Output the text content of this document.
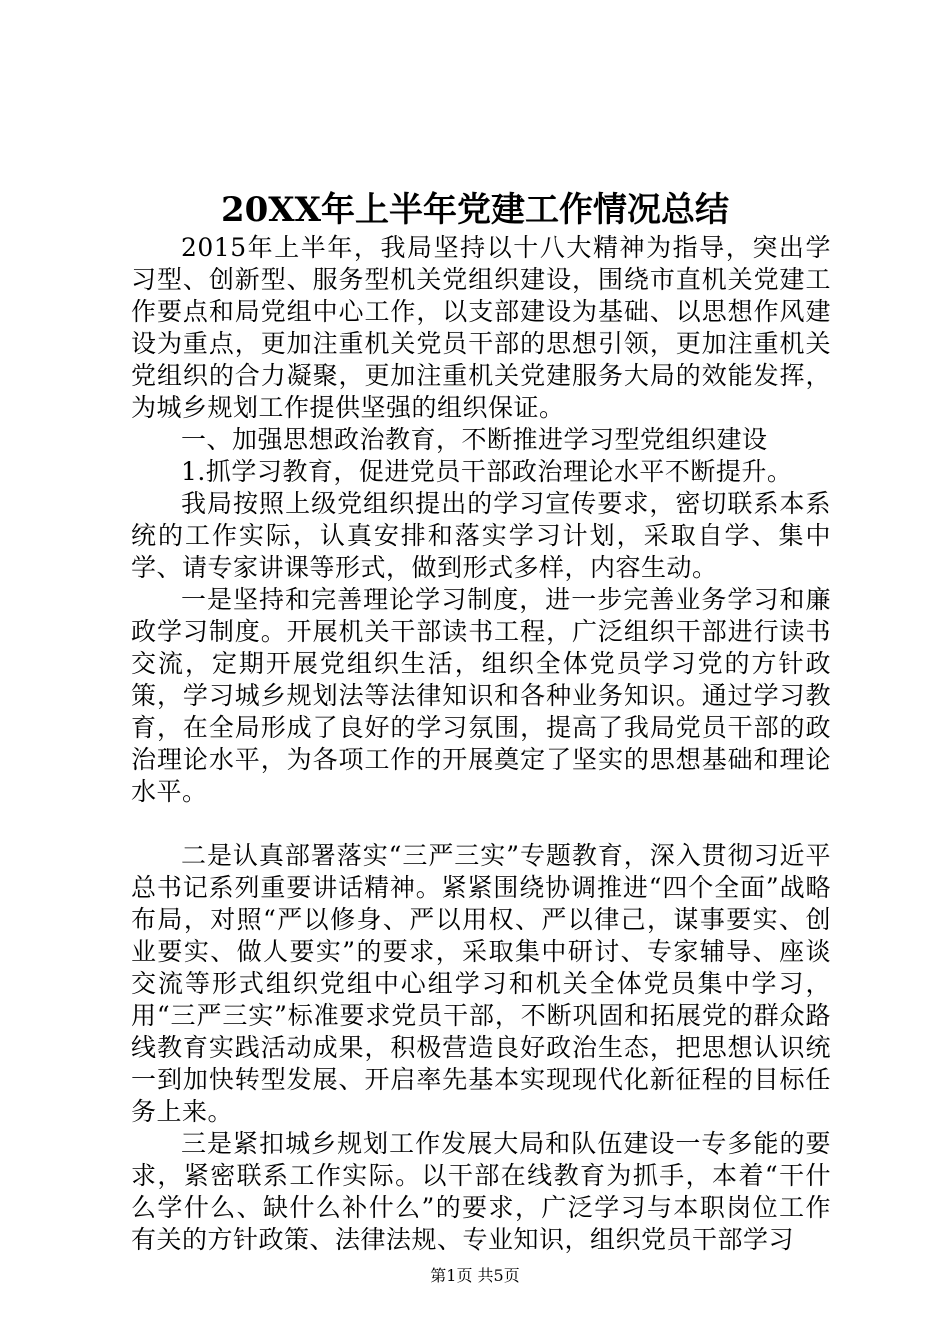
20XX年上半年党建工作情况总结

2015年上半年，我局坚持以十八大精神为指导，突出学习型、创新型、服务型机关党组织建设，围绕市直机关党建工作要点和局党组中心工作，以支部建设为基础、以思想作风建设为重点，更加注重机关党员干部的思想引领，更加注重机关党组织的合力凝聚，更加注重机关党建服务大局的效能发挥，为城乡规划工作提供坚强的组织保证。

一、加强思想政治教育，不断推进学习型党组织建设

1.抓学习教育，促进党员干部政治理论水平不断提升。

我局按照上级党组织提出的学习宣传要求，密切联系本系统的工作实际，认真安排和落实学习计划，采取自学、集中学、请专家讲课等形式，做到形式多样，内容生动。

一是坚持和完善理论学习制度，进一步完善业务学习和廉政学习制度。开展机关干部读书工程，广泛组织干部进行读书交流，定期开展党组织生活，组织全体党员学习党的方针政策，学习城乡规划法等法律知识和各种业务知识。通过学习教育，在全局形成了良好的学习氛围，提高了我局党员干部的政治理论水平，为各项工作的开展奠定了坚实的思想基础和理论水平。

二是认真部署落实“三严三实”专题教育，深入贯彻习近平总书记系列重要讲话精神。紧紧围绕协调推进“四个全面”战略布局，对照“严以修身、严以用权、严以律己，谋事要实、创业要实、做人要实”的要求，采取集中研讨、专家辅导、座谈交流等形式组织党组中心组学习和机关全体党员集中学习，用“三严三实”标准要求党员干部，不断巩固和拓展党的群众路线教育实践活动成果，积极营造良好政治生态，把思想认识统一到加快转型发展、开启率先基本实现现代化新征程的目标任务上来。

三是紧扣城乡规划工作发展大局和队伍建设一专多能的要求，紧密联系工作实际。以干部在线教育为抓手，本着“干什么学什么、缺什么补什么”的要求，广泛学习与本职岗位工作有关的方针政策、法律法规、专业知识，组织党员干部学习

第1页 共5页
